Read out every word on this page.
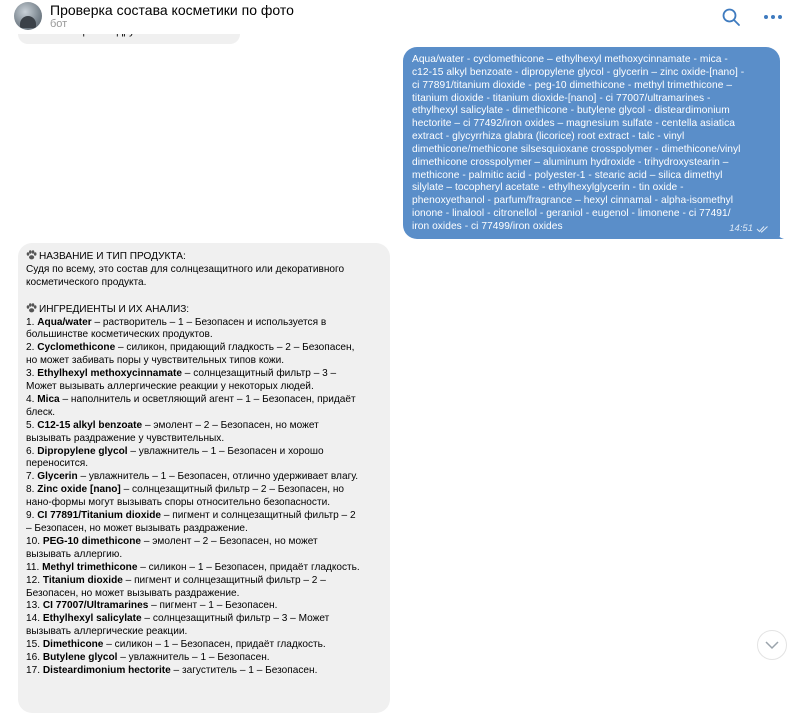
Проверка состава косметики по фото
бот
Aqua/water - cyclomethicone – ethylhexyl methoxycinnamate - mica -
c12-15 alkyl benzoate - dipropylene glycol - glycerin – zinc oxide-[nano] -
ci 77891/titanium dioxide - peg-10 dimethicone - methyl trimethicone –
titanium dioxide - titanium dioxide-[nano] - ci 77007/ultramarines -
ethylhexyl salicylate - dimethicone - butylene glycol - disteardimonium
hectorite – ci 77492/iron oxides – magnesium sulfate - centella asiatica
extract - glycyrrhiza glabra (licorice) root extract - talc - vinyl
dimethicone/methicone silsesquioxane crosspolymer - dimethicone/vinyl
dimethicone crosspolymer – aluminum hydroxide - trihydroxystearin –
methicone - palmitic acid - polyester-1 - stearic acid – silica dimethyl
silylate – tocopheryl acetate - ethylhexylglycerin - tin oxide -
phenoxyethanol - parfum/fragrance – hexyl cinnamal - alpha-isomethyl
ionone - linalool - citronellol - geraniol - eugenol - limonene - ci 77491/
iron oxides - ci 77499/iron oxides	14:51
НАЗВАНИЕ И ТИП ПРОДУКТА:
Судя по всему, это состав для солнцезащитного или декоративного
косметического продукта.
ИНГРЕДИЕНТЫ И ИХ АНАЛИЗ:
1. Aqua/water – растворитель – 1 – Безопасен и используется в
большинстве косметических продуктов.
2. Cyclomethicone – силикон, придающий гладкость – 2 – Безопасен,
но может забивать поры у чувствительных типов кожи.
3. Ethylhexyl methoxycinnamate – солнцезащитный фильтр – 3 –
Может вызывать аллергические реакции у некоторых людей.
4. Mica – наполнитель и осветляющий агент – 1 – Безопасен, придаёт
блеск.
5. C12-15 alkyl benzoate – эмолент – 2 – Безопасен, но может
вызывать раздражение у чувствительных.
6. Dipropylene glycol – увлажнитель – 1 – Безопасен и хорошо
переносится.
7. Glycerin – увлажнитель – 1 – Безопасен, отлично удерживает влагу.
8. Zinc oxide [nano] – солнцезащитный фильтр – 2 – Безопасен, но
нано-формы могут вызывать споры относительно безопасности.
9. CI 77891/Titanium dioxide – пигмент и солнцезащитный фильтр – 2
– Безопасен, но может вызывать раздражение.
10. PEG-10 dimethicone – эмолент – 2 – Безопасен, но может
вызывать аллергию.
11. Methyl trimethicone – силикон – 1 – Безопасен, придаёт гладкость.
12. Titanium dioxide – пигмент и солнцезащитный фильтр – 2 –
Безопасен, но может вызывать раздражение.
13. CI 77007/Ultramarines – пигмент – 1 – Безопасен.
14. Ethylhexyl salicylate – солнцезащитный фильтр – 3 – Может
вызывать аллергические реакции.
15. Dimethicone – силикон – 1 – Безопасен, придаёт гладкость.
16. Butylene glycol – увлажнитель – 1 – Безопасен.
17. Disteardimonium hectorite – загуститель – 1 – Безопасен.
